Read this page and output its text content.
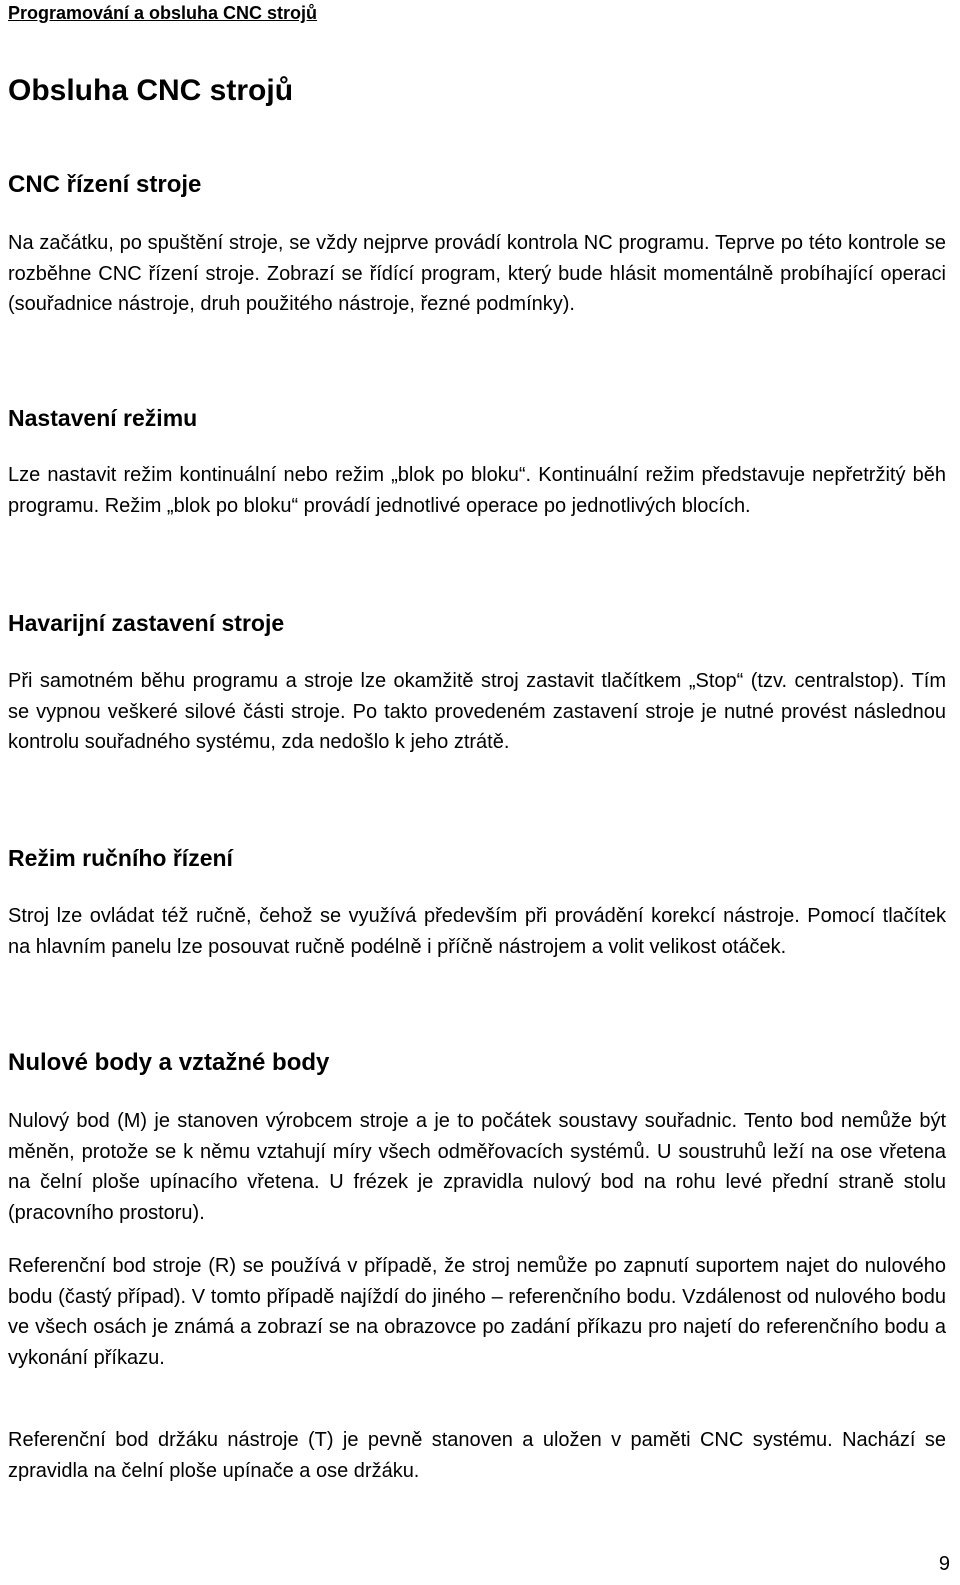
Programování a obsluha CNC strojů
Obsluha CNC strojů
CNC řízení stroje

Na začátku, po spuštění stroje, se vždy nejprve provádí kontrola NC programu. Teprve po této kontrole se rozběhne CNC řízení stroje. Zobrazí se řídící program, který bude hlásit momentálně probíhající operaci (souřadnice nástroje, druh použitého nástroje, řezné podmínky).

Nastavení režimu

Lze nastavit režim kontinuální nebo režim „blok po bloku“. Kontinuální režim představuje nepřetržitý běh programu. Režim „blok po bloku“ provádí jednotlivé operace po jednotlivých blocích.

Havarijní zastavení stroje

Při samotném běhu programu a stroje lze okamžitě stroj zastavit tlačítkem „Stop“ (tzv. centralstop). Tím se vypnou veškeré silové části stroje. Po takto provedeném zastavení stroje je nutné provést následnou kontrolu souřadného systému, zda nedošlo k jeho ztrátě.

Režim ručního řízení

Stroj lze ovládat též ručně, čehož se využívá především při provádění korekcí nástroje. Pomocí tlačítek na hlavním panelu lze posouvat ručně podélně i příčně nástrojem a volit velikost otáček.

Nulové body a vztažné body

Nulový bod (M) je stanoven výrobcem stroje a je to počátek soustavy souřadnic. Tento bod nemůže být měněn, protože se k němu vztahují míry všech odměřovacích systémů. U soustruhů leží na ose vřetena na čelní ploše upínacího vřetena. U frézek je zpravidla nulový bod na rohu levé přední straně stolu (pracovního prostoru).

Referenční bod stroje (R) se používá v případě, že stroj nemůže po zapnutí suportem najet do nulového bodu (častý případ). V tomto případě najíždí do jiného – referenčního bodu. Vzdálenost od nulového bodu ve všech osách je známá a zobrazí se na obrazovce po zadání příkazu pro najetí do referenčního bodu a vykonání příkazu.

Referenční bod držáku nástroje (T) je pevně stanoven a uložen v paměti CNC systému. Nachází se zpravidla na čelní ploše upínače a ose držáku.

9
